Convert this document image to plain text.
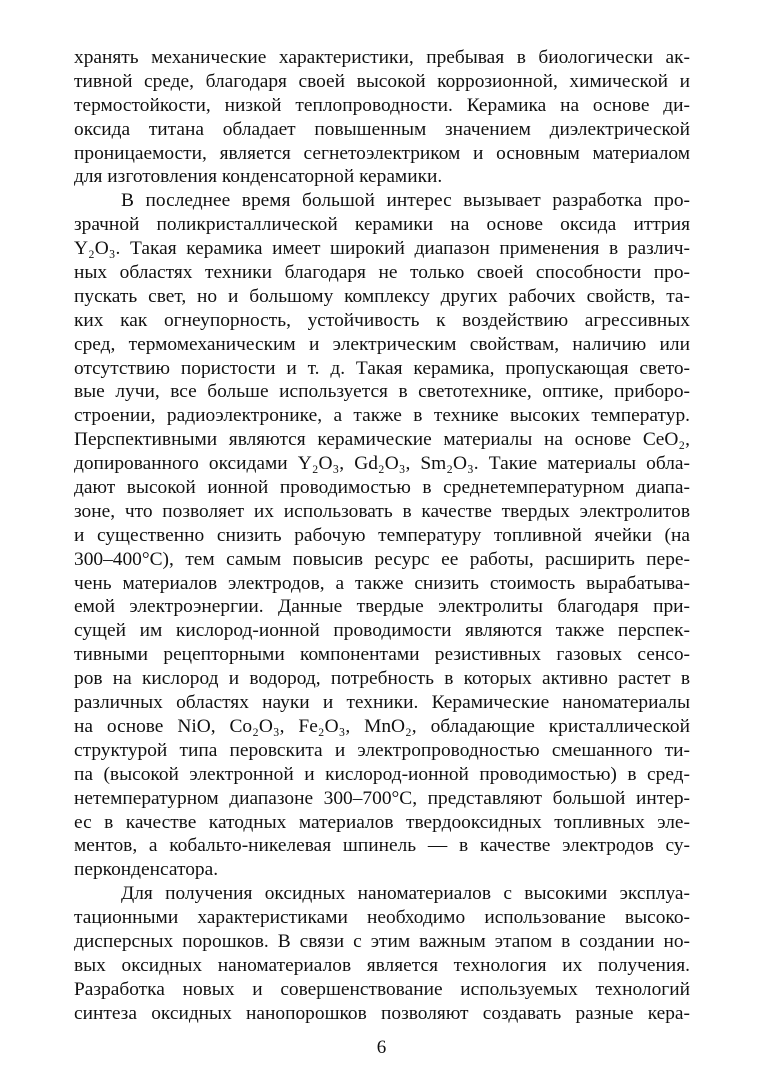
хранять механические характеристики, пребывая в биологически ак-
тивной среде, благодаря своей высокой коррозионной, химической и
термостойкости, низкой теплопроводности. Керамика на основе ди-
оксида титана обладает повышенным значением диэлектрической
проницаемости, является сегнетоэлектриком и основным материалом
для изготовления конденсаторной керамики.
В последнее время большой интерес вызывает разработка про-
зрачной поликристаллической керамики на основе оксида иттрия
Y₂O₃. Такая керамика имеет широкий диапазон применения в различ-
ных областях техники благодаря не только своей способности про-
пускать свет, но и большому комплексу других рабочих свойств, та-
ких как огнеупорность, устойчивость к воздействию агрессивных
сред, термомеханическим и электрическим свойствам, наличию или
отсутствию пористости и т. д. Такая керамика, пропускающая свето-
вые лучи, все больше используется в светотехнике, оптике, приборо-
строении, радиоэлектронике, а также в технике высоких температур.
Перспективными являются керамические материалы на основе CeO₂,
допированного оксидами Y₂O₃, Gd₂O₃, Sm₂O₃. Такие материалы обла-
дают высокой ионной проводимостью в среднетемпературном диапа-
зоне, что позволяет их использовать в качестве твердых электролитов
и существенно снизить рабочую температуру топливной ячейки (на
300–400°C), тем самым повысив ресурс ее работы, расширить пере-
чень материалов электродов, а также снизить стоимость вырабатыва-
емой электроэнергии. Данные твердые электролиты благодаря при-
сущей им кислород-ионной проводимости являются также перспек-
тивными рецепторными компонентами резистивных газовых сенсо-
ров на кислород и водород, потребность в которых активно растет в
различных областях науки и техники. Керамические наноматериалы
на основе NiO, Co₂O₃, Fe₂O₃, MnO₂, обладающие кристаллической
структурой типа перовскита и электропроводностью смешанного ти-
па (высокой электронной и кислород-ионной проводимостью) в сред-
нетемпературном диапазоне 300–700°C, представляют большой интер-
ес в качестве катодных материалов твердооксидных топливных эле-
ментов, а кобальто-никелевая шпинель — в качестве электродов су-
перконденсатора.
Для получения оксидных наноматериалов с высокими эксплуа-
тационными характеристиками необходимо использование высоко-
дисперсных порошков. В связи с этим важным этапом в создании но-
вых оксидных наноматериалов является технология их получения.
Разработка новых и совершенствование используемых технологий
синтеза оксидных нанопорошков позволяют создавать разные кера-
6
